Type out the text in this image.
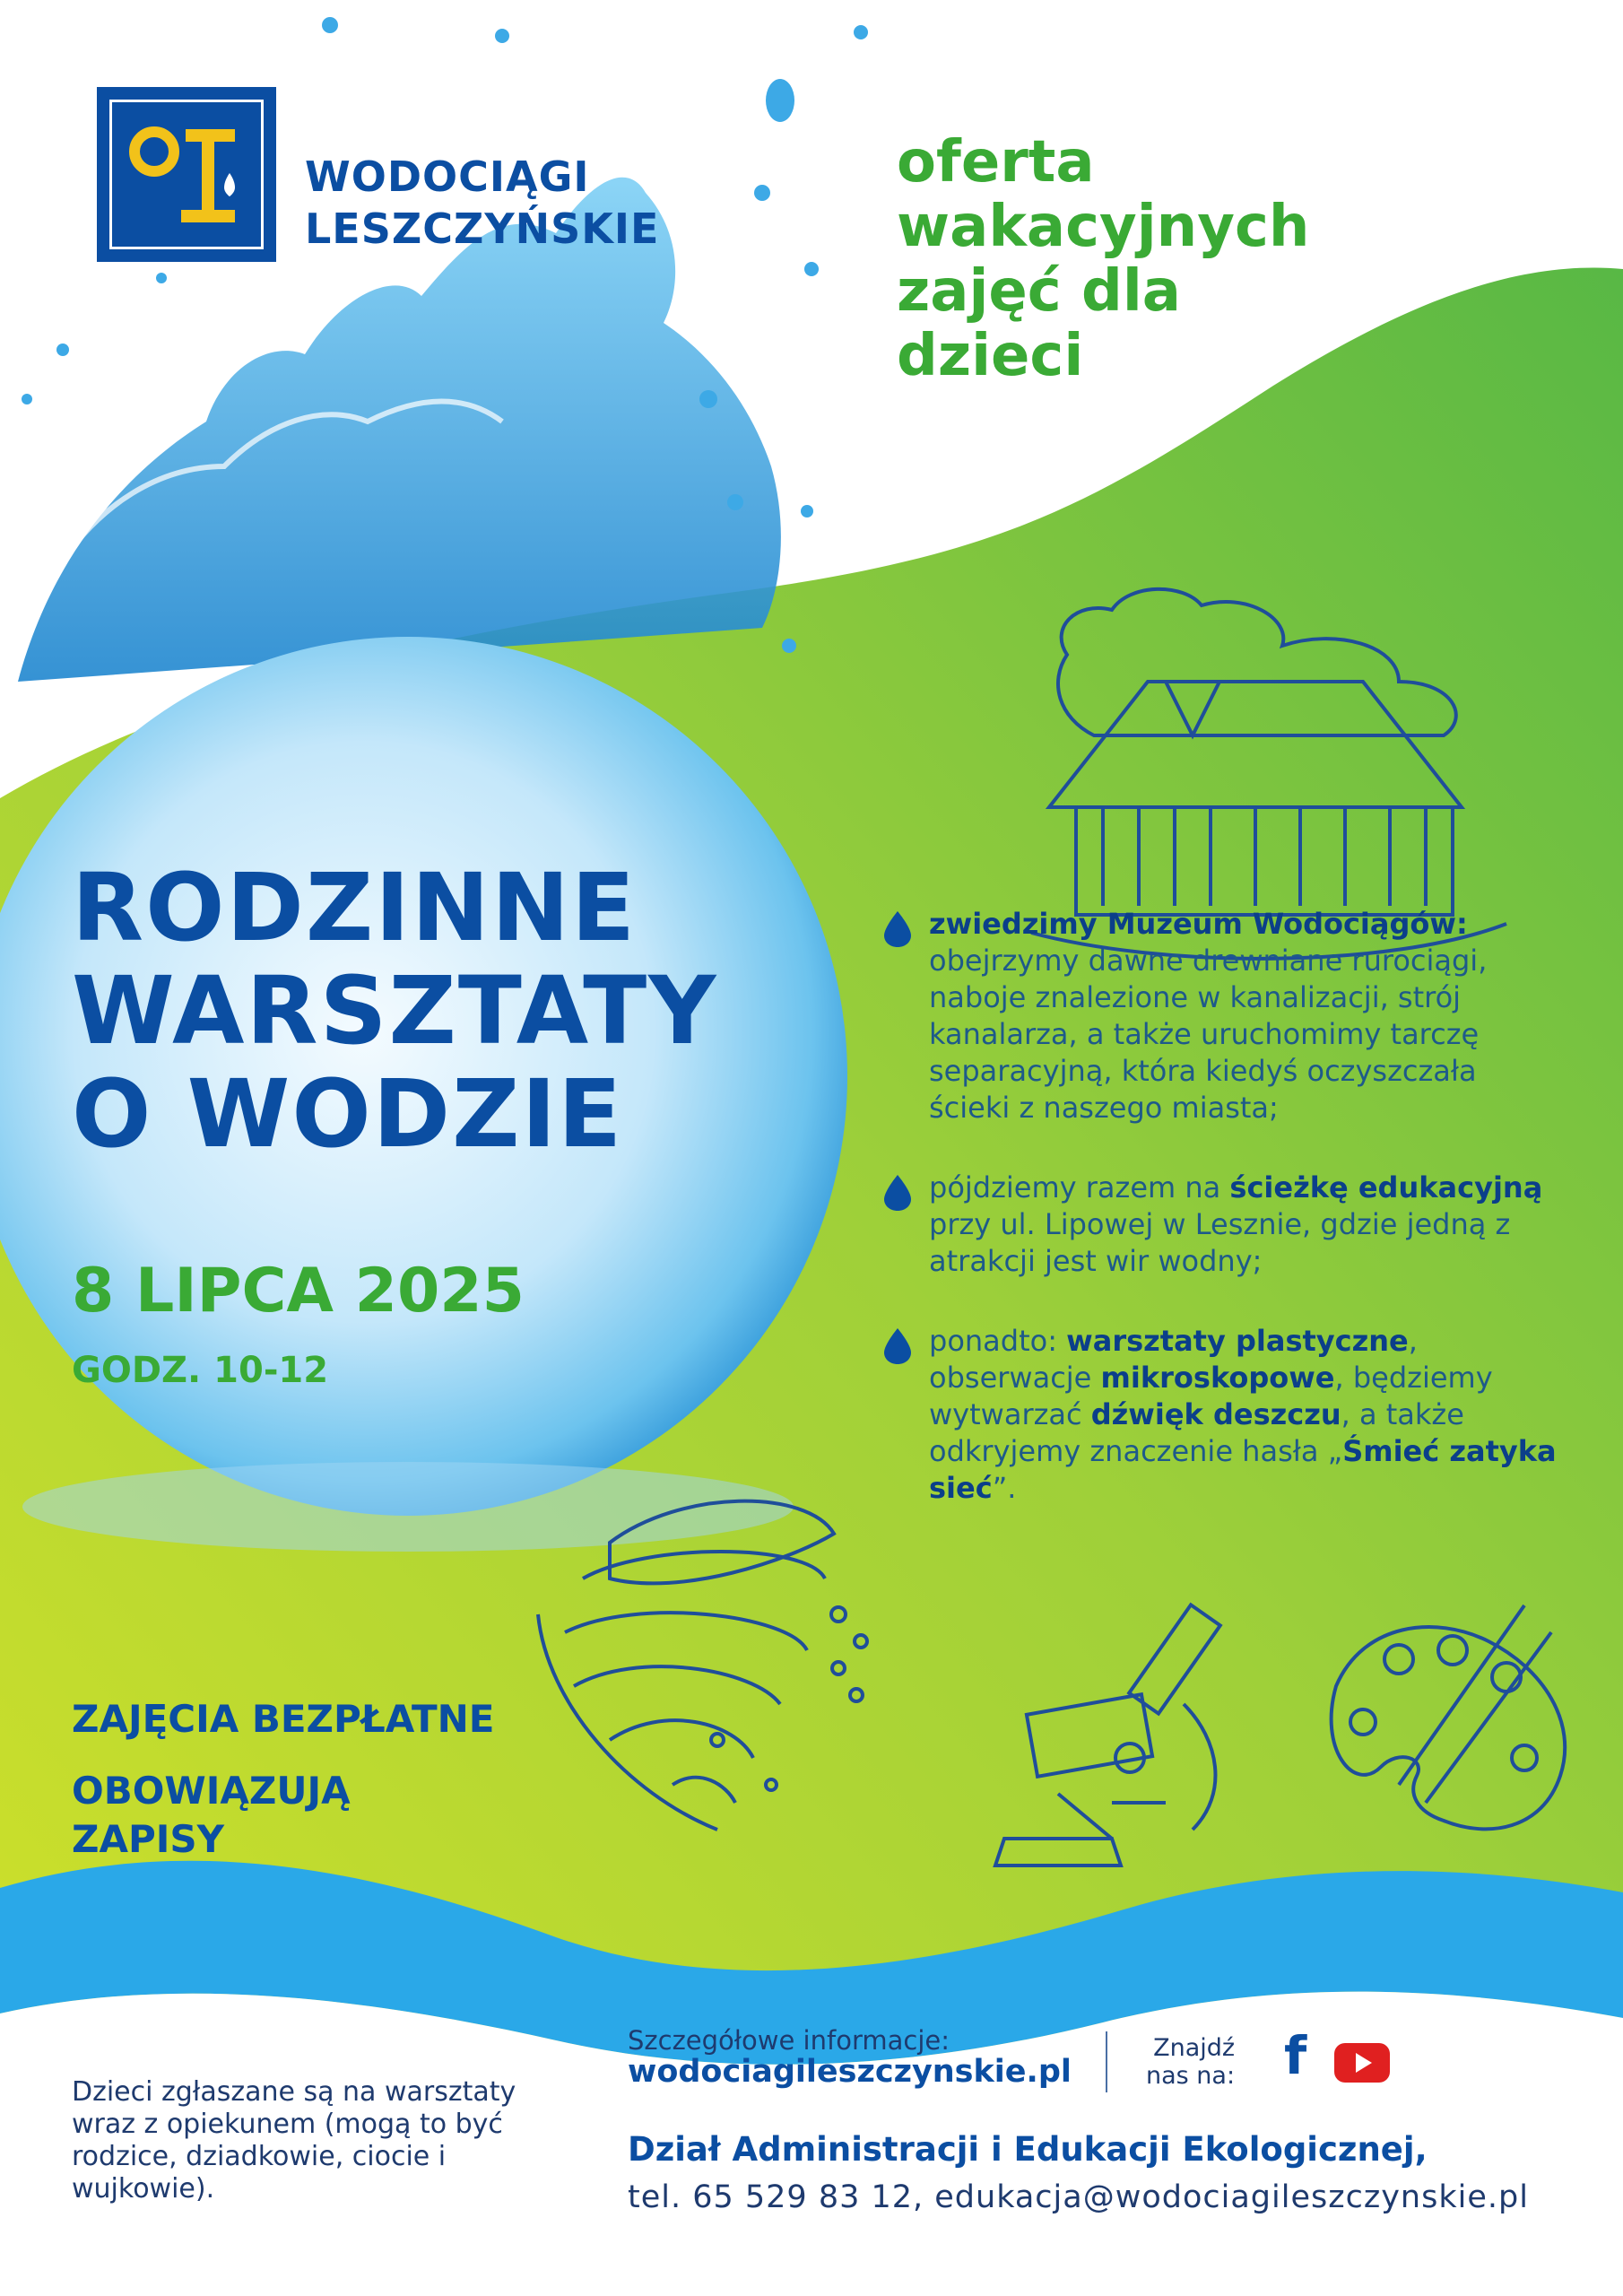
WODOCIĄGI
LESZCZYŃSKIE
oferta
wakacyjnych
zajęć dla
dzieci
RODZINNE
WARSZTATY
O WODZIE
8 LIPCA 2025
GODZ. 10-12
zwiedzimy Muzeum Wodociągów: obejrzymy dawne drewniane rurociągi, naboje znalezione w kanalizacji, strój kanalarza, a także uruchomimy tarczę separacyjną, która kiedyś oczyszczała ścieki z naszego miasta;
pójdziemy razem na ścieżkę edukacyjną przy ul. Lipowej w Lesznie, gdzie jedną z atrakcji jest wir wodny;
ponadto: warsztaty plastyczne, obserwacje mikroskopowe, będziemy wytwarzać dźwięk deszczu, a także odkryjemy znaczenie hasła „Śmieć zatyka sieć”.
ZAJĘCIA BEZPŁATNE
OBOWIĄZUJĄ
ZAPISY
Dzieci zgłaszane są na warsztaty wraz z opiekunem (mogą to być rodzice, dziadkowie, ciocie i wujkowie).
Szczegółowe informacje:
wodociagileszczynskie.pl
Znajdź
nas na: f
Dział Administracji i Edukacji Ekologicznej,
tel. 65 529 83 12, edukacja@wodociagileszczynskie.pl
